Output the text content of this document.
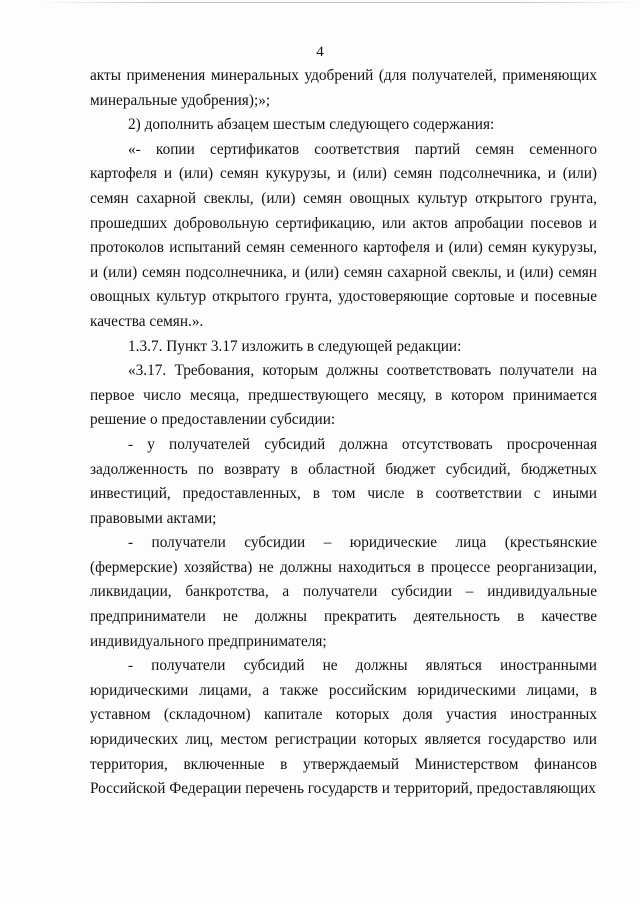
4

акты применения минеральных удобрений (для получателей, применяющих минеральные удобрения);»;

2) дополнить абзацем шестым следующего содержания:

«- копии сертификатов соответствия партий семян семенного картофеля и (или) семян кукурузы, и (или) семян подсолнечника, и (или) семян сахарной свеклы, (или) семян овощных культур открытого грунта, прошедших добровольную сертификацию, или актов апробации посевов и протоколов испытаний семян семенного картофеля и (или) семян кукурузы, и (или) семян подсолнечника, и (или) семян сахарной свеклы, и (или) семян овощных культур открытого грунта, удостоверяющие сортовые и посевные качества семян.».

1.3.7. Пункт 3.17 изложить в следующей редакции:

«3.17. Требования, которым должны соответствовать получатели на первое число месяца, предшествующего месяцу, в котором принимается решение о предоставлении субсидии:

- у получателей субсидий должна отсутствовать просроченная задолженность по возврату в областной бюджет субсидий, бюджетных инвестиций, предоставленных, в том числе в соответствии с иными правовыми актами;

- получатели субсидии – юридические лица (крестьянские (фермерские) хозяйства) не должны находиться в процессе реорганизации, ликвидации, банкротства, а получатели субсидии – индивидуальные предприниматели не должны прекратить деятельность в качестве индивидуального предпринимателя;

- получатели субсидий не должны являться иностранными юридическими лицами, а также российским юридическими лицами, в уставном (складочном) капитале которых доля участия иностранных юридических лиц, местом регистрации которых является государство или территория, включенные в утверждаемый Министерством финансов Российской Федерации перечень государств и территорий, предоставляющих
